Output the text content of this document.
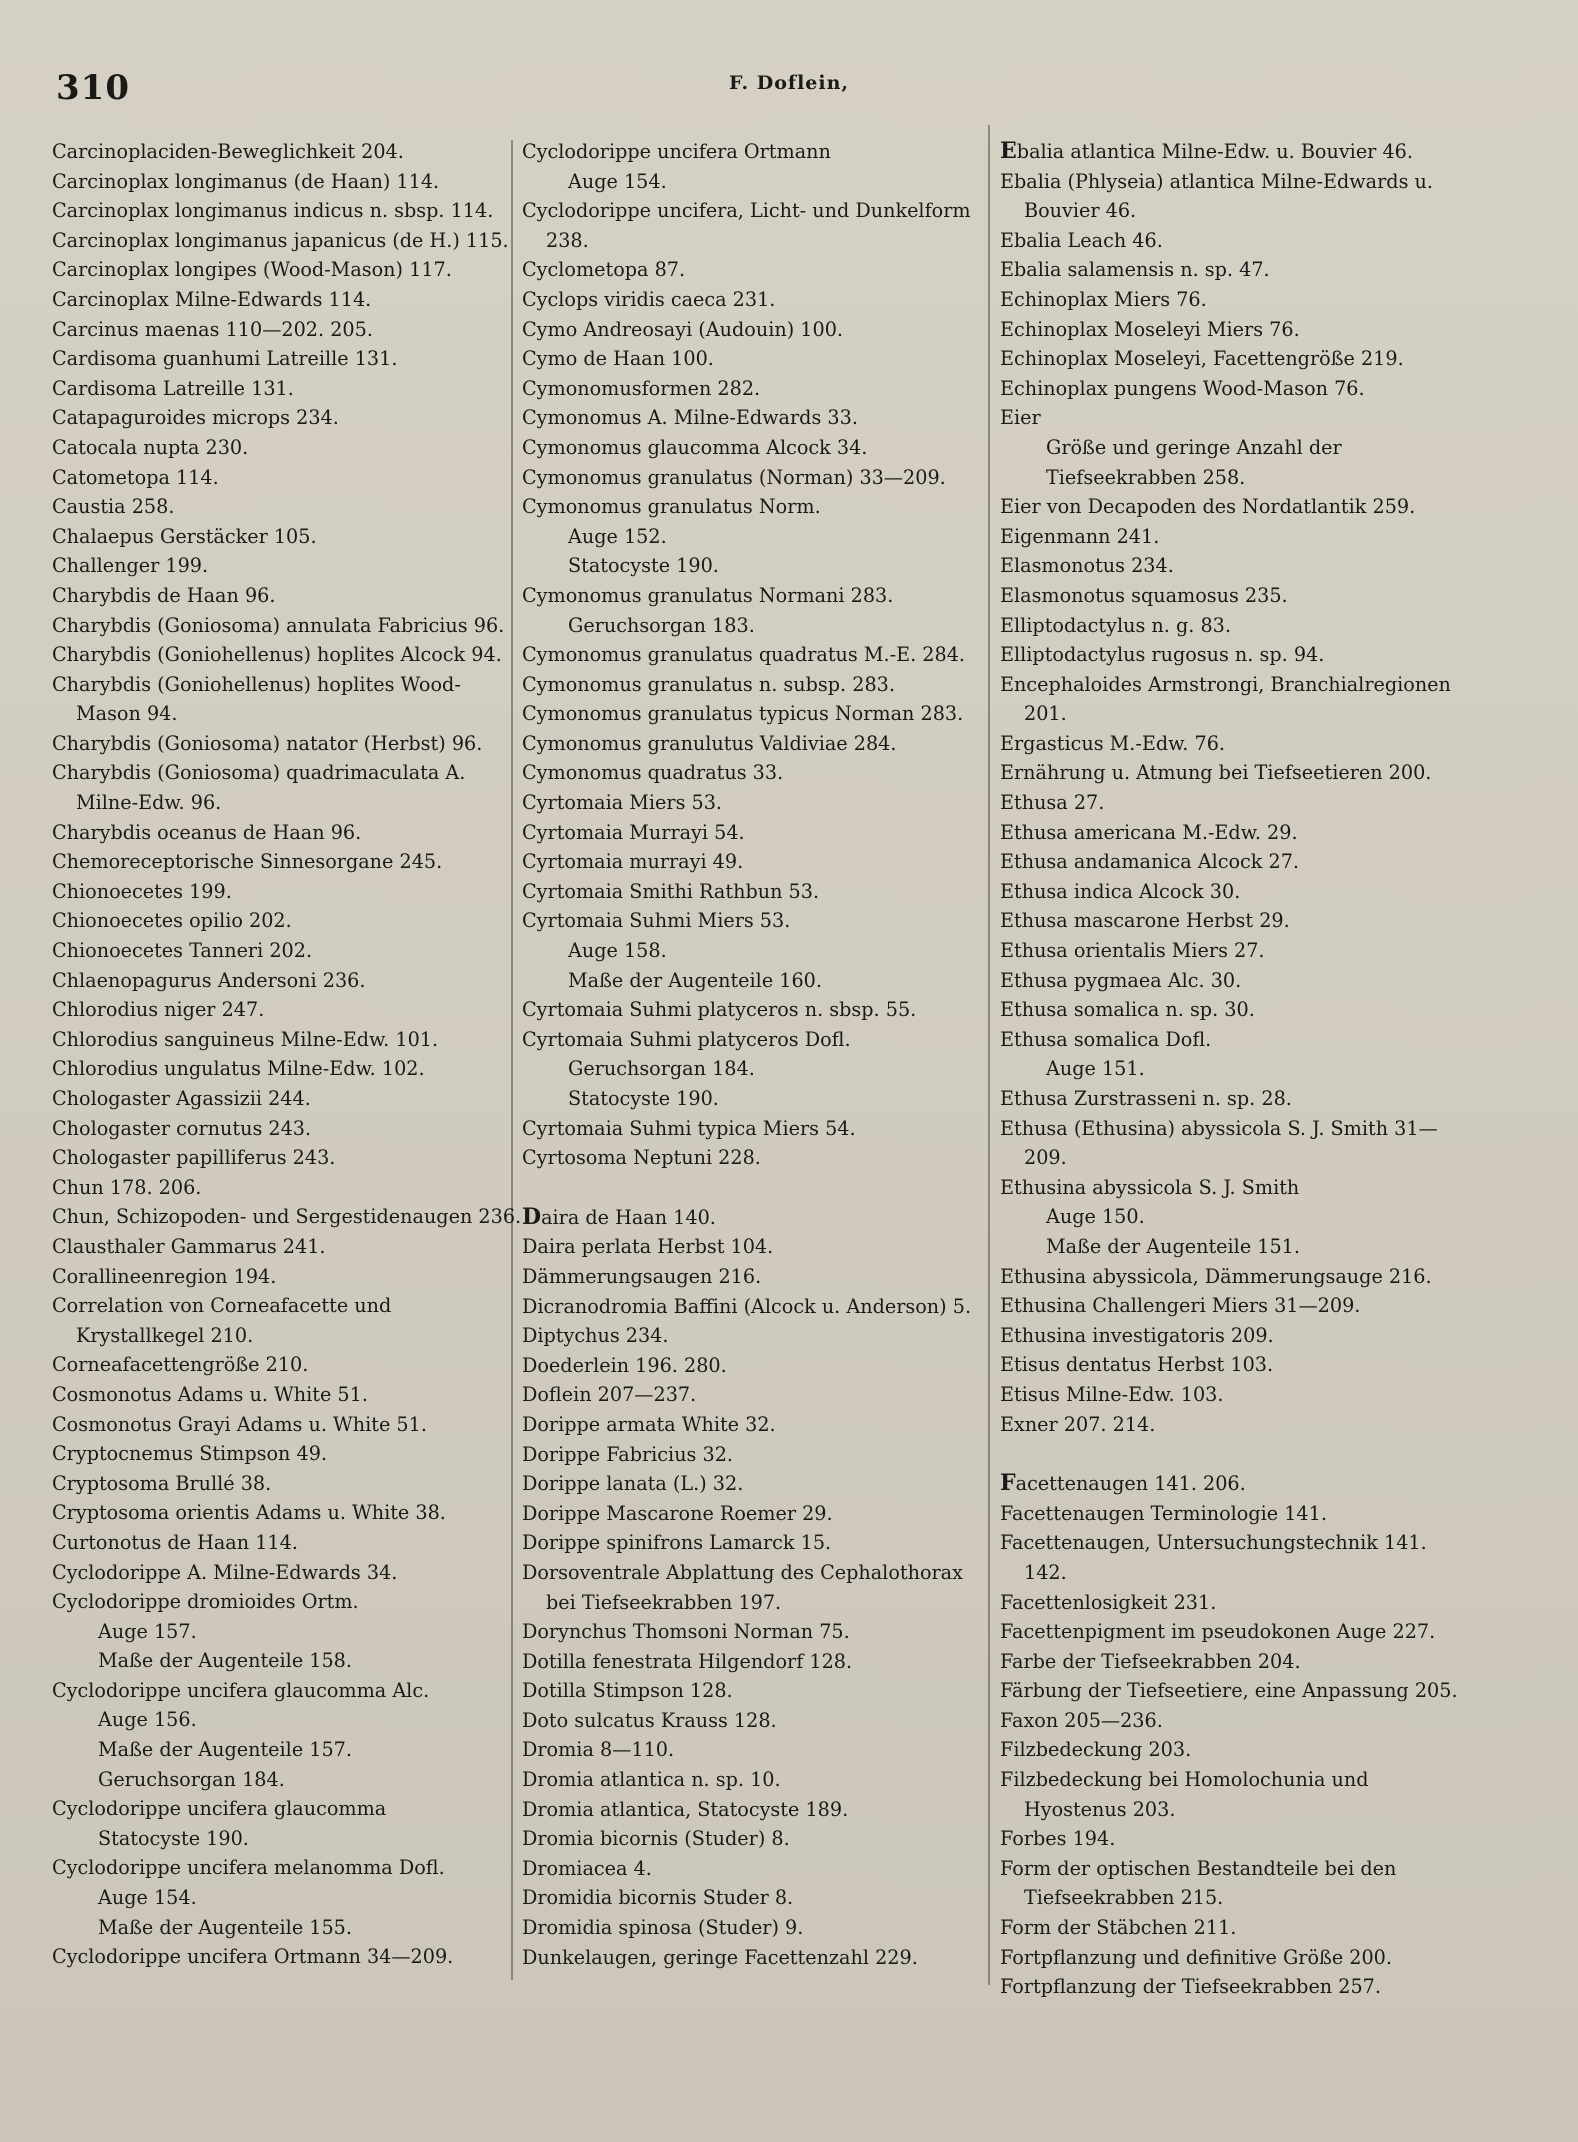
310	F. Doflein,
Carcinoplaciden-Beweglichkeit 204.
Carcinoplax longimanus (de Haan) 114.
Carcinoplax longimanus indicus n. sbsp. 114.
Carcinoplax longimanus japanicus (de H.) 115.
Carcinoplax longipes (Wood-Mason) 117.
Carcinoplax Milne-Edwards 114.
Carcinus maenas 110—202. 205.
Cardisoma guanhumi Latreille 131.
Cardisoma Latreille 131.
Catapaguroides microps 234.
Catocala nupta 230.
Catometopa 114.
Caustia 258.
Chalaepus Gerstäcker 105.
Challenger 199.
Charybdis de Haan 96.
Charybdis (Goniosoma) annulata Fabricius 96.
Charybdis (Goniohellenus) hoplites Alcock 94.
Charybdis (Goniohellenus) hoplites Wood-Mason 94.
Charybdis (Goniosoma) natator (Herbst) 96.
Charybdis (Goniosoma) quadrimaculata A. Milne-Edw. 96.
Charybdis oceanus de Haan 96.
Chemoreceptorische Sinnesorgane 245.
Chionoecetes 199.
Chionoecetes opilio 202.
Chionoecetes Tanneri 202.
Chlaenopagurus Andersoni 236.
Chlorodius niger 247.
Chlorodius sanguineus Milne-Edw. 101.
Chlorodius ungulatus Milne-Edw. 102.
Chologaster Agassizii 244.
Chologaster cornutus 243.
Chologaster papilliferus 243.
Chun 178. 206.
Chun, Schizopoden- und Sergestidenaugen 236.
Clausthaler Gammarus 241.
Corallineenregion 194.
Correlation von Corneafacette und Krystallkegel 210.
Corneafacettengröße 210.
Cosmonotus Adams u. White 51.
Cosmonotus Grayi Adams u. White 51.
Cryptocnemus Stimpson 49.
Cryptosoma Brullé 38.
Cryptosoma orientis Adams u. White 38.
Curtonotus de Haan 114.
Cyclodorippe A. Milne-Edwards 34.
Cyclodorippe dromioides Ortm.
Auge 157.
Maße der Augenteile 158.
Cyclodorippe uncifera glaucomma Alc.
Auge 156.
Maße der Augenteile 157.
Geruchsorgan 184.
Cyclodorippe uncifera glaucomma
Statocyste 190.
Cyclodorippe uncifera melanomma Dofl.
Auge 154.
Maße der Augenteile 155.
Cyclodorippe uncifera Ortmann 34—209.
Cyclodorippe uncifera Ortmann
Auge 154.
Cyclodorippe uncifera, Licht- und Dunkelform 238.
Cyclometopa 87.
Cyclops viridis caeca 231.
Cymo Andreosayi (Audouin) 100.
Cymo de Haan 100.
Cymonomusformen 282.
Cymonomus A. Milne-Edwards 33.
Cymonomus glaucomma Alcock 34.
Cymonomus granulatus (Norman) 33—209.
Cymonomus granulatus Norm.
Auge 152.
Statocyste 190.
Cymonomus granulatus Normani 283.
Geruchsorgan 183.
Cymonomus granulatus quadratus M.-E. 284.
Cymonomus granulatus n. subsp. 283.
Cymonomus granulatus typicus Norman 283.
Cymonomus granulutus Valdiviae 284.
Cymonomus quadratus 33.
Cyrtomaia Miers 53.
Cyrtomaia Murrayi 54.
Cyrtomaia murrayi 49.
Cyrtomaia Smithi Rathbun 53.
Cyrtomaia Suhmi Miers 53.
Auge 158.
Maße der Augenteile 160.
Cyrtomaia Suhmi platyceros n. sbsp. 55.
Cyrtomaia Suhmi platyceros Dofl.
Geruchsorgan 184.
Statocyste 190.
Cyrtomaia Suhmi typica Miers 54.
Cyrtosoma Neptuni 228.
Daira de Haan 140.
Daira perlata Herbst 104.
Dämmerungsaugen 216.
Dicranodromia Baffini (Alcock u. Anderson) 5.
Diptychus 234.
Doederlein 196. 280.
Doflein 207—237.
Dorippe armata White 32.
Dorippe Fabricius 32.
Dorippe lanata (L.) 32.
Dorippe Mascarone Roemer 29.
Dorippe spinifrons Lamarck 15.
Dorsoventrale Abplattung des Cephalothorax bei Tiefseekrabben 197.
Dorynchus Thomsoni Norman 75.
Dotilla fenestrata Hilgendorf 128.
Dotilla Stimpson 128.
Doto sulcatus Krauss 128.
Dromia 8—110.
Dromia atlantica n. sp. 10.
Dromia atlantica, Statocyste 189.
Dromia bicornis (Studer) 8.
Dromiacea 4.
Dromidia bicornis Studer 8.
Dromidia spinosa (Studer) 9.
Dunkelaugen, geringe Facettenzahl 229.
Ebalia atlantica Milne-Edw. u. Bouvier 46.
Ebalia (Phlyseia) atlantica Milne-Edwards u. Bouvier 46.
Ebalia Leach 46.
Ebalia salamensis n. sp. 47.
Echinoplax Miers 76.
Echinoplax Moseleyi Miers 76.
Echinoplax Moseleyi, Facettengröße 219.
Echinoplax pungens Wood-Mason 76.
Eier
Größe und geringe Anzahl der Tiefseekrabben 258.
Eier von Decapoden des Nordatlantik 259.
Eigenmann 241.
Elasmonotus 234.
Elasmonotus squamosus 235.
Elliptodactylus n. g. 83.
Elliptodactylus rugosus n. sp. 94.
Encephaloides Armstrongi, Branchialregionen 201.
Ergasticus M.-Edw. 76.
Ernährung u. Atmung bei Tiefseetieren 200.
Ethusa 27.
Ethusa americana M.-Edw. 29.
Ethusa andamanica Alcock 27.
Ethusa indica Alcock 30.
Ethusa mascarone Herbst 29.
Ethusa orientalis Miers 27.
Ethusa pygmaea Alc. 30.
Ethusa somalica n. sp. 30.
Ethusa somalica Dofl.
Auge 151.
Ethusa Zurstrasseni n. sp. 28.
Ethusa (Ethusina) abyssicola S. J. Smith 31—209.
Ethusina abyssicola S. J. Smith
Auge 150.
Maße der Augenteile 151.
Ethusina abyssicola, Dämmerungsauge 216.
Ethusina Challengeri Miers 31—209.
Ethusina investigatoris 209.
Etisus dentatus Herbst 103.
Etisus Milne-Edw. 103.
Exner 207. 214.
Facettenaugen 141. 206.
Facettenaugen Terminologie 141.
Facettenaugen, Untersuchungstechnik 141. 142.
Facettenlosigkeit 231.
Facettenpigment im pseudokonen Auge 227.
Farbe der Tiefseekrabben 204.
Färbung der Tiefseetiere, eine Anpassung 205.
Faxon 205—236.
Filzbedeckung 203.
Filzbedeckung bei Homolochunia und Hyostenus 203.
Forbes 194.
Form der optischen Bestandteile bei den Tiefseekrabben 215.
Form der Stäbchen 211.
Fortpflanzung und definitive Größe 200.
Fortpflanzung der Tiefseekrabben 257.
